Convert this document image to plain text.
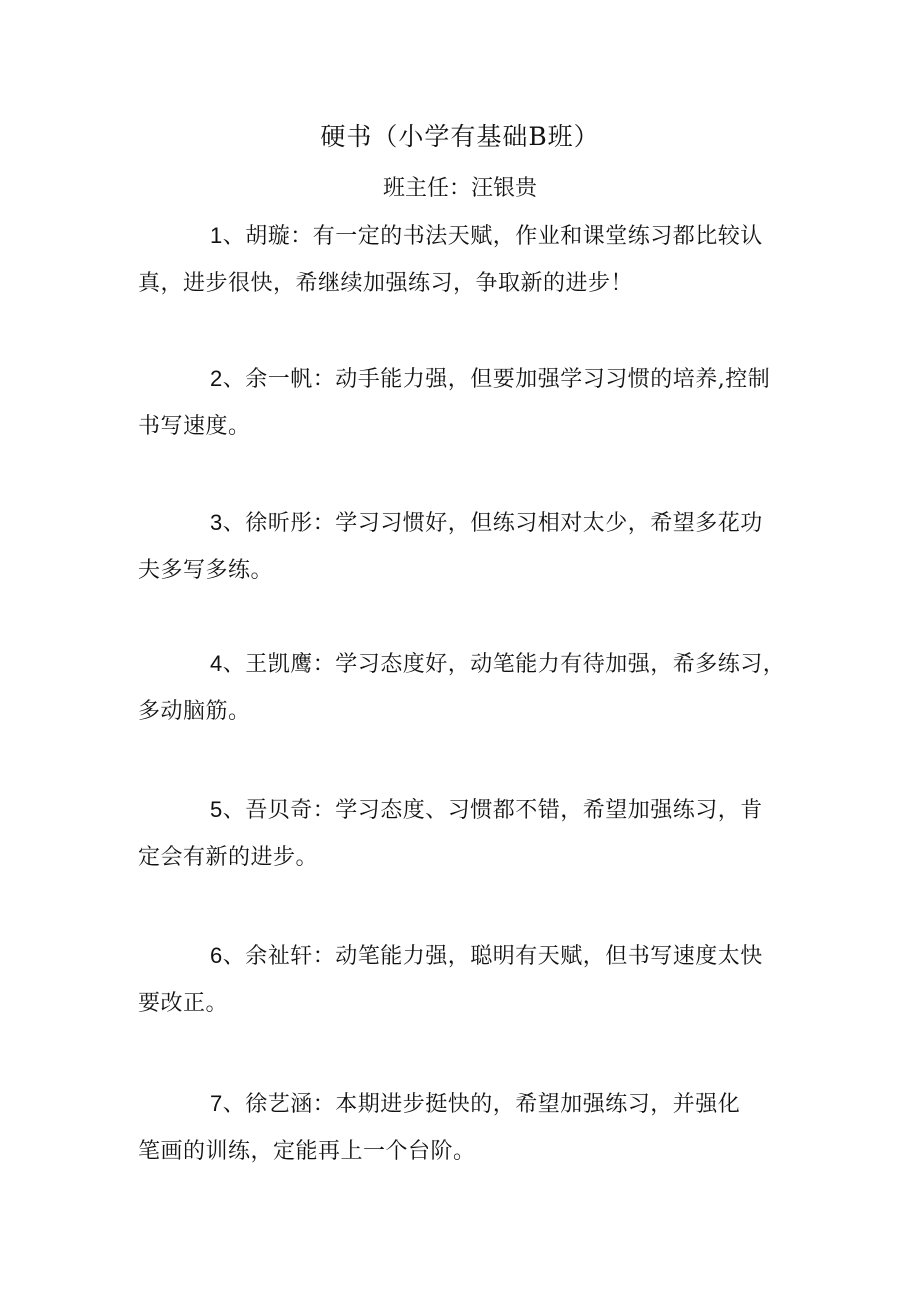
硬书（小学有基础B班）
班主任：汪银贵
1、胡璇：有一定的书法天赋，作业和课堂练习都比较认
真，进步很快，希继续加强练习，争取新的进步！
2、余一帆：动手能力强，但要加强学习习惯的培养,控制
书写速度。
3、徐昕彤：学习习惯好，但练习相对太少，希望多花功
夫多写多练。
4、王凯鹰：学习态度好，动笔能力有待加强，希多练习，
多动脑筋。
5、吾贝奇：学习态度、习惯都不错，希望加强练习，肯
定会有新的进步。
6、余祉轩：动笔能力强，聪明有天赋，但书写速度太快
要改正。
7、徐艺涵：本期进步挺快的，希望加强练习，并强化
笔画的训练，定能再上一个台阶。
